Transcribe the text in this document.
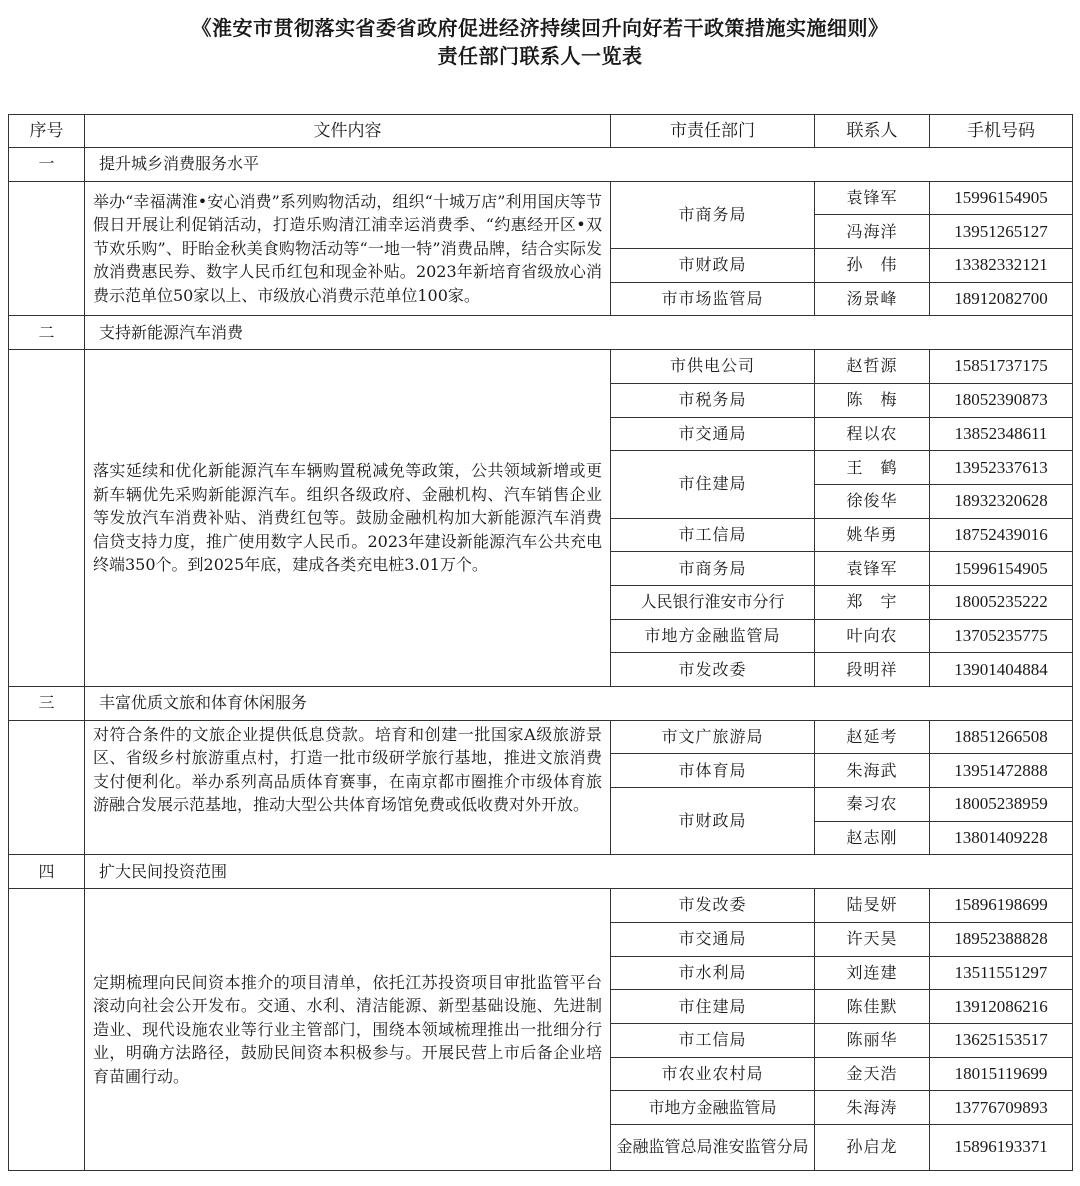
《淮安市贯彻落实省委省政府促进经济持续回升向好若干政策措施实施细则》
责任部门联系人一览表
序号	文件内容	市责任部门	联系人	手机号码
一	提升城乡消费服务水平			
	举办“幸福满淮•安心消费”系列购物活动，组织“十城万店”利用国庆等节假日开展让利促销活动，打造乐购清江浦幸运消费季、“约惠经开区•双节欢乐购”、盱眙金秋美食购物活动等“一地一特”消费品牌，结合实际发放消费惠民券、数字人民币红包和现金补贴。2023年新培育省级放心消费示范单位50家以上、市级放心消费示范单位100家。	市商务局	袁锋军	15996154905
			冯海洋	13951265127
		市财政局	孙　伟	13382332121
		市市场监管局	汤景峰	18912082700
二	支持新能源汽车消费			
	落实延续和优化新能源汽车车辆购置税减免等政策，公共领域新增或更新车辆优先采购新能源汽车。组织各级政府、金融机构、汽车销售企业等发放汽车消费补贴、消费红包等。鼓励金融机构加大新能源汽车消费信贷支持力度，推广使用数字人民币。2023年建设新能源汽车公共充电终端350个。到2025年底，建成各类充电桩3.01万个。	市供电公司	赵哲源	15851737175
		市税务局	陈　梅	18052390873
		市交通局	程以农	13852348611
		市住建局	王　鹤	13952337613
			徐俊华	18932320628
		市工信局	姚华勇	18752439016
		市商务局	袁锋军	15996154905
		人民银行淮安市分行	郑　宇	18005235222
		市地方金融监管局	叶向农	13705235775
		市发改委	段明祥	13901404884
三	丰富优质文旅和体育休闲服务			
	对符合条件的文旅企业提供低息贷款。培育和创建一批国家A级旅游景区、省级乡村旅游重点村，打造一批市级研学旅行基地，推进文旅消费支付便利化。举办系列高品质体育赛事，在南京都市圈推介市级体育旅游融合发展示范基地，推动大型公共体育场馆免费或低收费对外开放。	市文广旅游局	赵延考	18851266508
		市体育局	朱海武	13951472888
		市财政局	秦习农	18005238959
			赵志刚	13801409228
四	扩大民间投资范围			
	定期梳理向民间资本推介的项目清单，依托江苏投资项目审批监管平台滚动向社会公开发布。交通、水利、清洁能源、新型基础设施、先进制造业、现代设施农业等行业主管部门，围绕本领域梳理推出一批细分行业，明确方法路径，鼓励民间资本积极参与。开展民营上市后备企业培育苗圃行动。	市发改委	陆旻妍	15896198699
		市交通局	许天昊	18952388828
		市水利局	刘连建	13511551297
		市住建局	陈佳默	13912086216
		市工信局	陈丽华	13625153517
		市农业农村局	金天浩	18015119699
		市地方金融监管局	朱海涛	13776709893
		金融监管总局淮安监管分局	孙启龙	15896193371
